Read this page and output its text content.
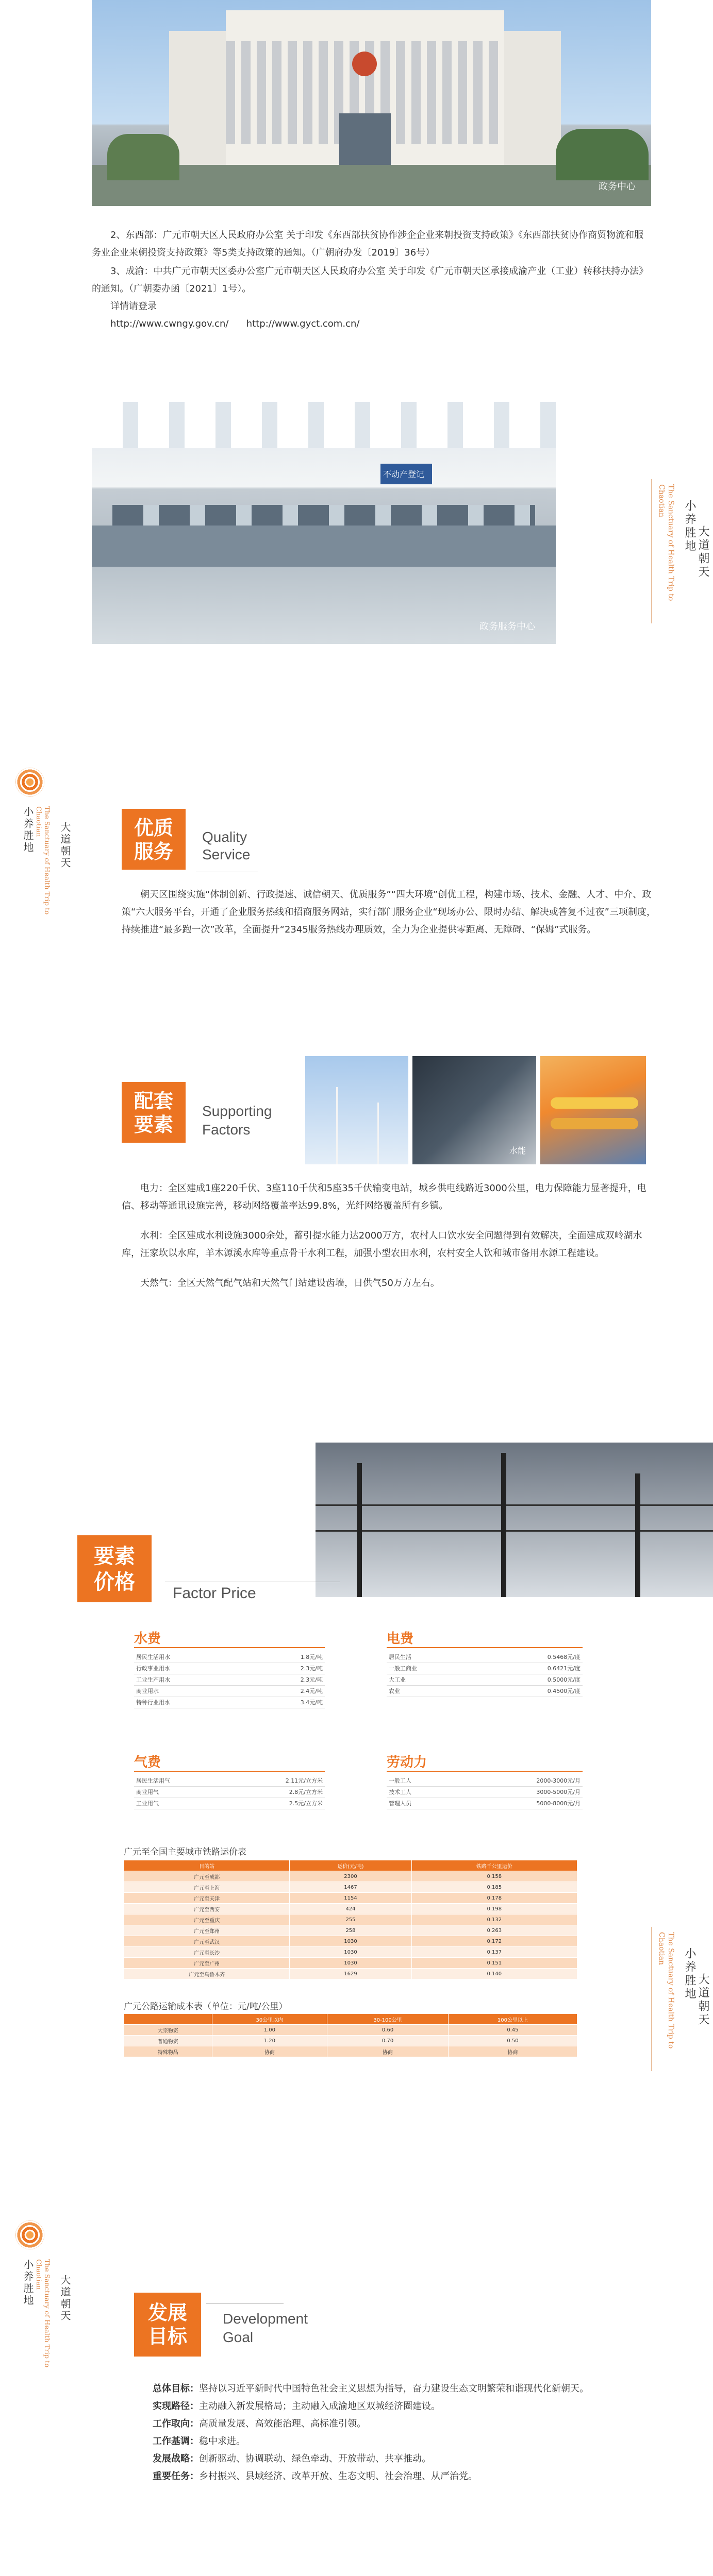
政务中心

2、东西部：广元市朝天区人民政府办公室 关于印发《东西部扶贫协作涉企企业来朝投资支持政策》《东西部扶贫协作商贸物流和服务业企业来朝投资支持政策》等5类支持政策的通知。（广朝府办发〔2019〕36号）

3、成渝：中共广元市朝天区委办公室广元市朝天区人民政府办公室 关于印发《广元市朝天区承接成渝产业（工业）转移扶持办法》的通知。（广朝委办函〔2021〕1号）。

详情请登录

http://www.cwngy.gov.cn/ http://www.gyct.com.cn/

不动产登记
政务服务中心
The Sanctuary of Health Trip to Chaotian	小养胜地 大道朝天
小养胜地	The Sanctuary of Health Trip to Chaotian
大道朝天	优质
服务
Quality
Service

朝天区围绕实施“体制创新、行政提速、诚信朝天、优质服务”“四大环境”创优工程，构建市场、技术、金融、人才、中介、政策“六大服务平台，开通了企业服务热线和招商服务网站，实行部门服务企业“现场办公、限时办结、解决或答复不过夜”三项制度，持续推进“最多跑一次”改革，全面提升“2345服务热线办理质效，全力为企业提供零距离、无障碍、“保姆”式服务。

配套
要素
Supporting
Factors
水能

电力：全区建成1座220千伏、3座110千伏和5座35千伏输变电站，城乡供电线路近3000公里，电力保障能力显著提升，电信、移动等通讯设施完善，移动网络覆盖率达99.8%，光纤网络覆盖所有乡镇。

水利：全区建成水利设施3000余处，蓄引提水能力达2000万方，农村人口饮水安全问题得到有效解决，全面建成双岭湖水库，汪家坎以水库，羊木源溪水库等重点骨干水利工程，加强小型农田水利，农村安全人饮和城市备用水源工程建设。

天然气：全区天然气配气站和天然气门站建设齿墙，日供气50万方左右。

要素
价格	Factor Price
水费
居民生活用水	1.8元/吨
行政事业用水	2.3元/吨
工业生产用水	2.3元/吨
商业用水	2.4元/吨
特种行业用水	3.4元/吨
电费
居民生活	0.5468元/度
一般工商业	0.6421元/度
大工业	0.5000元/度
农业	0.4500元/度
气费
居民生活用气	2.11元/立方米
商业用气	2.8元/立方米
工业用气	2.5元/立方米
劳动力
一般工人	2000-3000元/月
技术工人	3000-5000元/月
管理人员	5000-8000元/月
广元至全国主要城市铁路运价表
目的站	运价(元/吨)	铁路千公里运价
广元至成都	2300	0.158
广元至上海	1467	0.185
广元至天津	1154	0.178
广元至西安	424	0.198
广元至重庆	255	0.132
广元至郑州	258	0.263
广元至武汉	1030	0.172
广元至长沙	1030	0.137
广元至广州	1030	0.151
广元至乌鲁木齐	1629	0.140
广元公路运输成本表（单位：元/吨/公里）
	30公里以内	30-100公里	100公里以上
大宗物资	1.00	0.60	0.45
普通物资	1.20	0.70	0.50
特殊物品	协商	协商	协商
The Sanctuary of Health Trip to Chaotian	小养胜地 大道朝天
小养胜地	The Sanctuary of Health Trip to Chaotian
大道朝天	发展
目标
Development
Goal

总体目标：坚持以习近平新时代中国特色社会主义思想为指导，奋力建设生态文明繁荣和谐现代化新朝天。

实现路径：主动融入新发展格局；主动融入成渝地区双城经济圈建设。

工作取向：高质量发展、高效能治理、高标准引领。

工作基调：稳中求进。

发展战略：创新驱动、协调联动、绿色牵动、开放带动、共享推动。

重要任务：乡村振兴、县域经济、改革开放、生态文明、社会治理、从严治党。
